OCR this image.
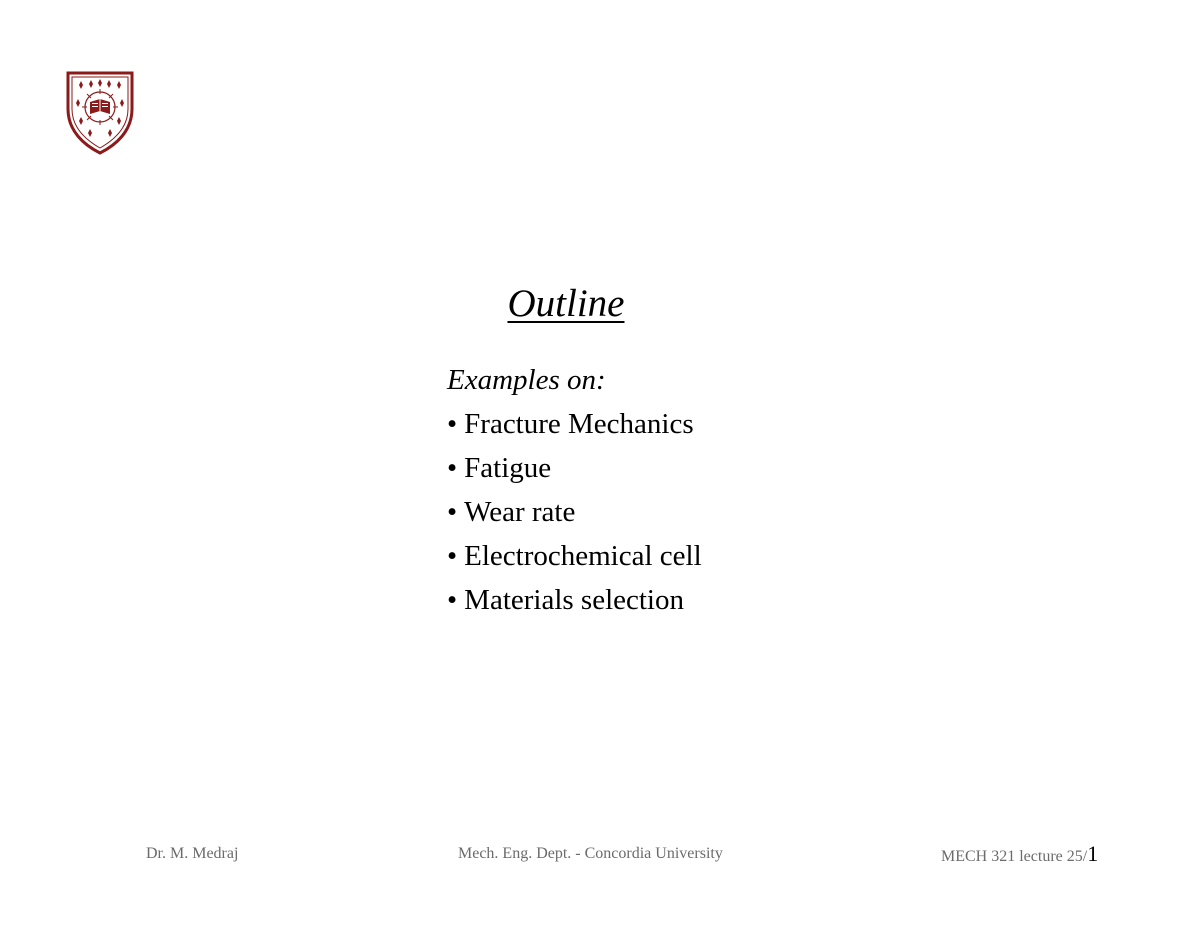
Outline
Examples on:
• Fracture Mechanics
• Fatigue
• Wear rate
• Electrochemical cell
• Materials selection
Dr. M. Medraj	Mech. Eng. Dept. - Concordia University	MECH 321 lecture 25/1
